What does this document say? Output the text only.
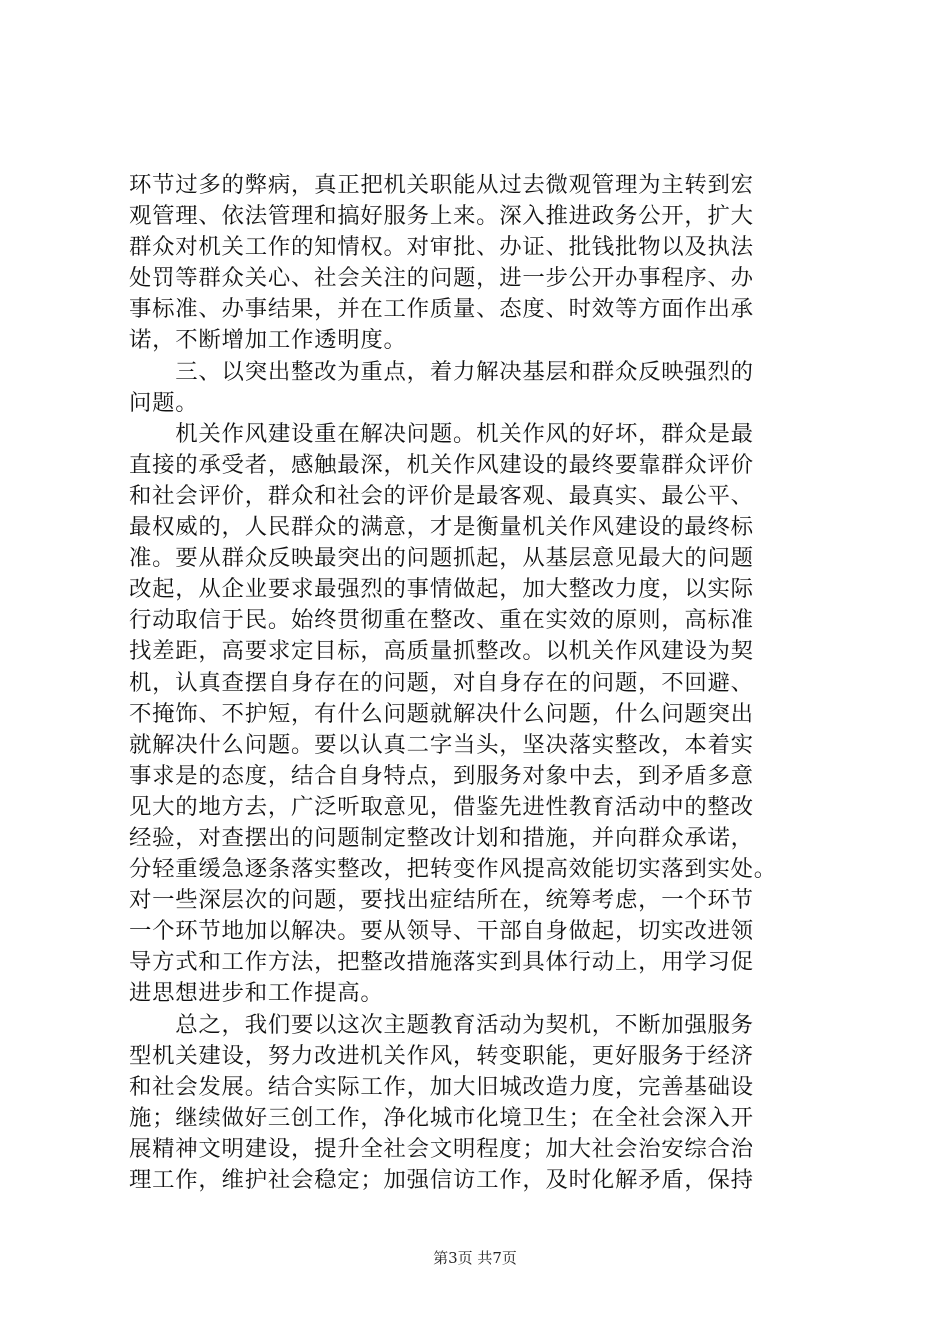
环节过多的弊病，真正把机关职能从过去微观管理为主转到宏
观管理、依法管理和搞好服务上来。深入推进政务公开，扩大
群众对机关工作的知情权。对审批、办证、批钱批物以及执法
处罚等群众关心、社会关注的问题，进一步公开办事程序、办
事标准、办事结果，并在工作质量、态度、时效等方面作出承
诺，不断增加工作透明度。
　　三、以突出整改为重点，着力解决基层和群众反映强烈的
问题。
　　机关作风建设重在解决问题。机关作风的好坏，群众是最
直接的承受者，感触最深，机关作风建设的最终要靠群众评价
和社会评价，群众和社会的评价是最客观、最真实、最公平、
最权威的，人民群众的满意，才是衡量机关作风建设的最终标
准。要从群众反映最突出的问题抓起，从基层意见最大的问题
改起，从企业要求最强烈的事情做起，加大整改力度，以实际
行动取信于民。始终贯彻重在整改、重在实效的原则，高标准
找差距，高要求定目标，高质量抓整改。以机关作风建设为契
机，认真查摆自身存在的问题，对自身存在的问题，不回避、
不掩饰、不护短，有什么问题就解决什么问题，什么问题突出
就解决什么问题。要以认真二字当头，坚决落实整改，本着实
事求是的态度，结合自身特点，到服务对象中去，到矛盾多意
见大的地方去，广泛听取意见，借鉴先进性教育活动中的整改
经验，对查摆出的问题制定整改计划和措施，并向群众承诺，
分轻重缓急逐条落实整改，把转变作风提高效能切实落到实处。
对一些深层次的问题，要找出症结所在，统筹考虑，一个环节
一个环节地加以解决。要从领导、干部自身做起，切实改进领
导方式和工作方法，把整改措施落实到具体行动上，用学习促
进思想进步和工作提高。
　　总之，我们要以这次主题教育活动为契机，不断加强服务
型机关建设，努力改进机关作风，转变职能，更好服务于经济
和社会发展。结合实际工作，加大旧城改造力度，完善基础设
施；继续做好三创工作，净化城市化境卫生；在全社会深入开
展精神文明建设，提升全社会文明程度；加大社会治安综合治
理工作，维护社会稳定；加强信访工作，及时化解矛盾，保持
第3页 共7页
